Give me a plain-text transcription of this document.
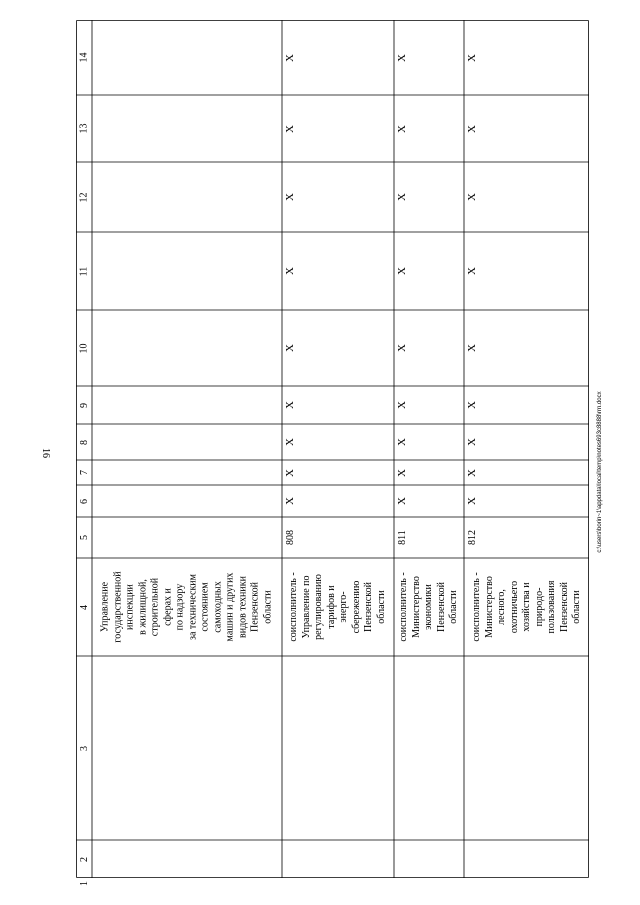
16
1
2
3
4
5
6
7
8
9
10
11
12
13
14
Управление государственной инспекции в жилищной, строительной сферах и по надзору за техническим состоянием самоходных машин и других видов техники Пензенской области соисполнитель - Управление по регулированию тарифов и энерго- сбережению Пензенской области
808
X
X
X
X
X
X
X
X
X
соисполнитель - Министерство экономики Пензенской области
811
X
X
X
X
X
X
X
X
X
соисполнитель - Министерство лесного, охотничьего хозяйства и природо- пользования Пензенской области
812
X
X
X
X
X
X
X
X
X
c:\users\borin~1\appdata\local\temp\notes693c8888\rrn.docx
